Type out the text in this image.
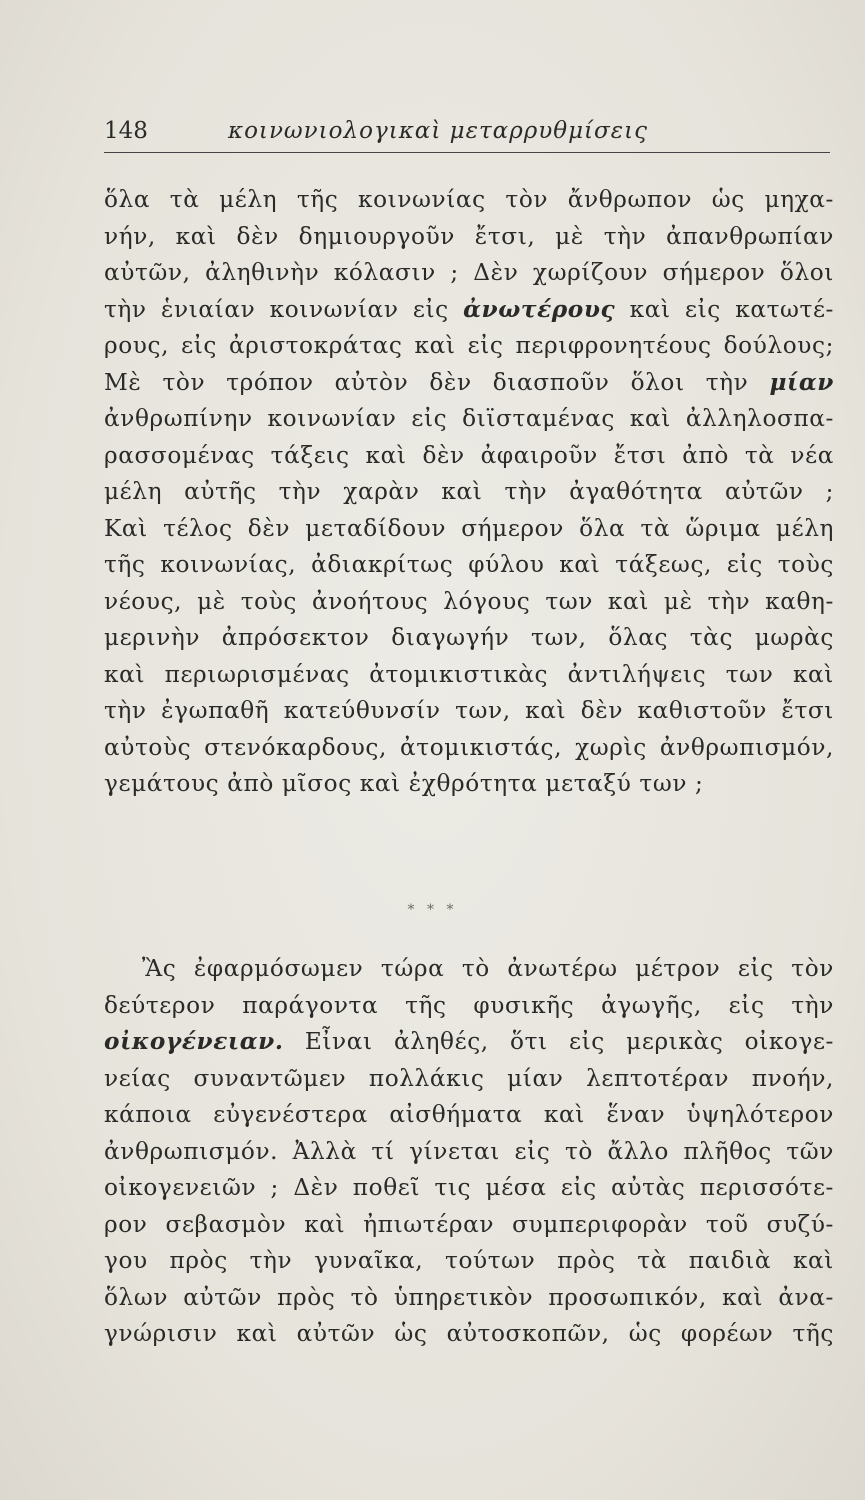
148	κοινωνιολογικαὶ μεταρρυθμίσεις
ὅλα τὰ μέλη τῆς κοινωνίας τὸν ἄνθρωπον ὡς μηχα-
νήν, καὶ δὲν δημιουργοῦν ἔτσι, μὲ τὴν ἀπανθρωπίαν
αὐτῶν, ἀληθινὴν κόλασιν ; Δὲν χωρίζουν σήμερον ὅλοι
τὴν ἑνιαίαν κοινωνίαν εἰς ἀνωτέρους καὶ εἰς κατωτέ-
ρους, εἰς ἀριστοκράτας καὶ εἰς περιφρονητέους δούλους;
Μὲ τὸν τρόπον αὐτὸν δὲν διασποῦν ὅλοι τὴν μίαν
ἀνθρωπίνην κοινωνίαν εἰς διϊσταμένας καὶ ἀλληλοσπα-
ρασσομένας τάξεις καὶ δὲν ἀφαιροῦν ἔτσι ἀπὸ τὰ νέα
μέλη αὐτῆς τὴν χαρὰν καὶ τὴν ἀγαθότητα αὐτῶν ;
Καὶ τέλος δὲν μεταδίδουν σήμερον ὅλα τὰ ὥριμα μέλη
τῆς κοινωνίας, ἀδιακρίτως φύλου καὶ τάξεως, εἰς τοὺς
νέους, μὲ τοὺς ἀνοήτους λόγους των καὶ μὲ τὴν καθη-
μερινὴν ἀπρόσεκτον διαγωγήν των, ὅλας τὰς μωρὰς
καὶ περιωρισμένας ἀτομικιστικὰς ἀντιλήψεις των καὶ
τὴν ἐγωπαθῆ κατεύθυνσίν των, καὶ δὲν καθιστοῦν ἔτσι
αὐτοὺς στενόκαρδους, ἀτομικιστάς, χωρὶς ἀνθρωπισμόν,
γεμάτους ἀπὸ μῖσος καὶ ἐχθρότητα μεταξύ των ;
* * *
Ἂς ἐφαρμόσωμεν τώρα τὸ ἀνωτέρω μέτρον εἰς τὸν
δεύτερον παράγοντα τῆς φυσικῆς ἀγωγῆς, εἰς τὴν
οἰκογένειαν. Εἶναι ἀληθές, ὅτι εἰς μερικὰς οἰκογε-
νείας συναντῶμεν πολλάκις μίαν λεπτοτέραν πνοήν,
κάποια εὐγενέστερα αἰσθήματα καὶ ἕναν ὑψηλότερον
ἀνθρωπισμόν. Ἀλλὰ τί γίνεται εἰς τὸ ἄλλο πλῆθος τῶν
οἰκογενειῶν ; Δὲν ποθεῖ τις μέσα εἰς αὐτὰς περισσότε-
ρον σεβασμὸν καὶ ἠπιωτέραν συμπεριφορὰν τοῦ συζύ-
γου πρὸς τὴν γυναῖκα, τούτων πρὸς τὰ παιδιὰ καὶ
ὅλων αὐτῶν πρὸς τὸ ὑπηρετικὸν προσωπικόν, καὶ ἀνα-
γνώρισιν καὶ αὐτῶν ὡς αὐτοσκοπῶν, ὡς φορέων τῆς
